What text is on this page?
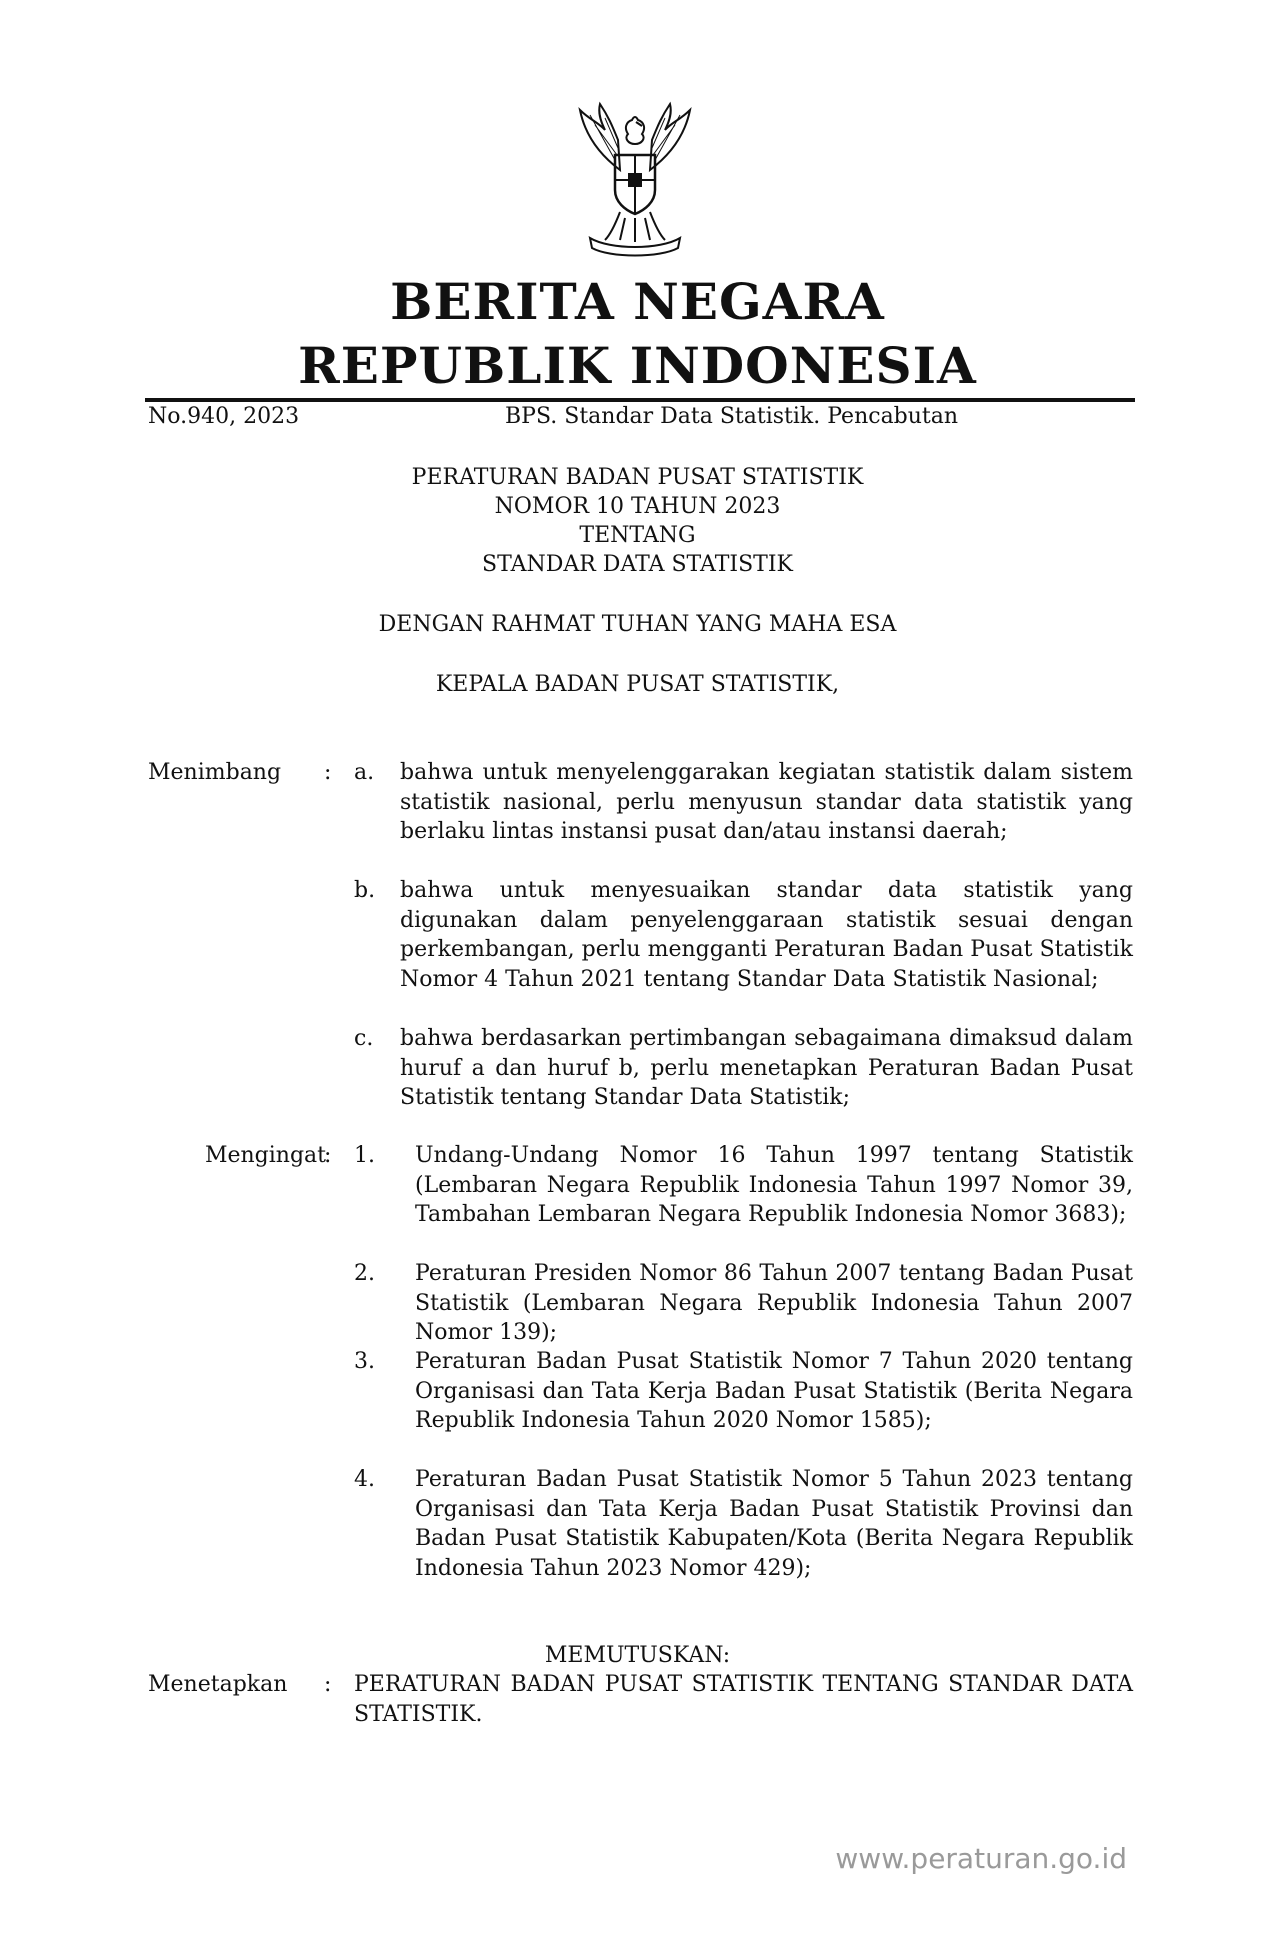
BERITA NEGARA
REPUBLIK INDONESIA
No.940, 2023	BPS. Standar Data Statistik. Pencabutan
PERATURAN BADAN PUSAT STATISTIK
NOMOR 10 TAHUN 2023
TENTANG
STANDAR DATA STATISTIK
DENGAN RAHMAT TUHAN YANG MAHA ESA
KEPALA BADAN PUSAT STATISTIK,
Menimbang : a. bahwa untuk menyelenggarakan kegiatan statistik dalam sistem statistik nasional, perlu menyusun standar data statistik yang berlaku lintas instansi pusat dan/atau instansi daerah;
b. bahwa untuk menyesuaikan standar data statistik yang digunakan dalam penyelenggaraan statistik sesuai dengan perkembangan, perlu mengganti Peraturan Badan Pusat Statistik Nomor 4 Tahun 2021 tentang Standar Data Statistik Nasional;
c. bahwa berdasarkan pertimbangan sebagaimana dimaksud dalam huruf a dan huruf b, perlu menetapkan Peraturan Badan Pusat Statistik tentang Standar Data Statistik;
Mengingat
: 1. Undang-Undang Nomor 16 Tahun 1997 tentang Statistik (Lembaran Negara Republik Indonesia Tahun 1997 Nomor 39, Tambahan Lembaran Negara Republik Indonesia Nomor 3683);
2. Peraturan Presiden Nomor 86 Tahun 2007 tentang Badan Pusat Statistik (Lembaran Negara Republik Indonesia Tahun 2007 Nomor 139);
3. Peraturan Badan Pusat Statistik Nomor 7 Tahun 2020 tentang Organisasi dan Tata Kerja Badan Pusat Statistik (Berita Negara Republik Indonesia Tahun 2020 Nomor 1585);
4. Peraturan Badan Pusat Statistik Nomor 5 Tahun 2023 tentang Organisasi dan Tata Kerja Badan Pusat Statistik Provinsi dan Badan Pusat Statistik Kabupaten/Kota (Berita Negara Republik Indonesia Tahun 2023 Nomor 429);
MEMUTUSKAN:
Menetapkan : PERATURAN BADAN PUSAT STATISTIK TENTANG STANDAR DATA STATISTIK.
www.peraturan.go.id
